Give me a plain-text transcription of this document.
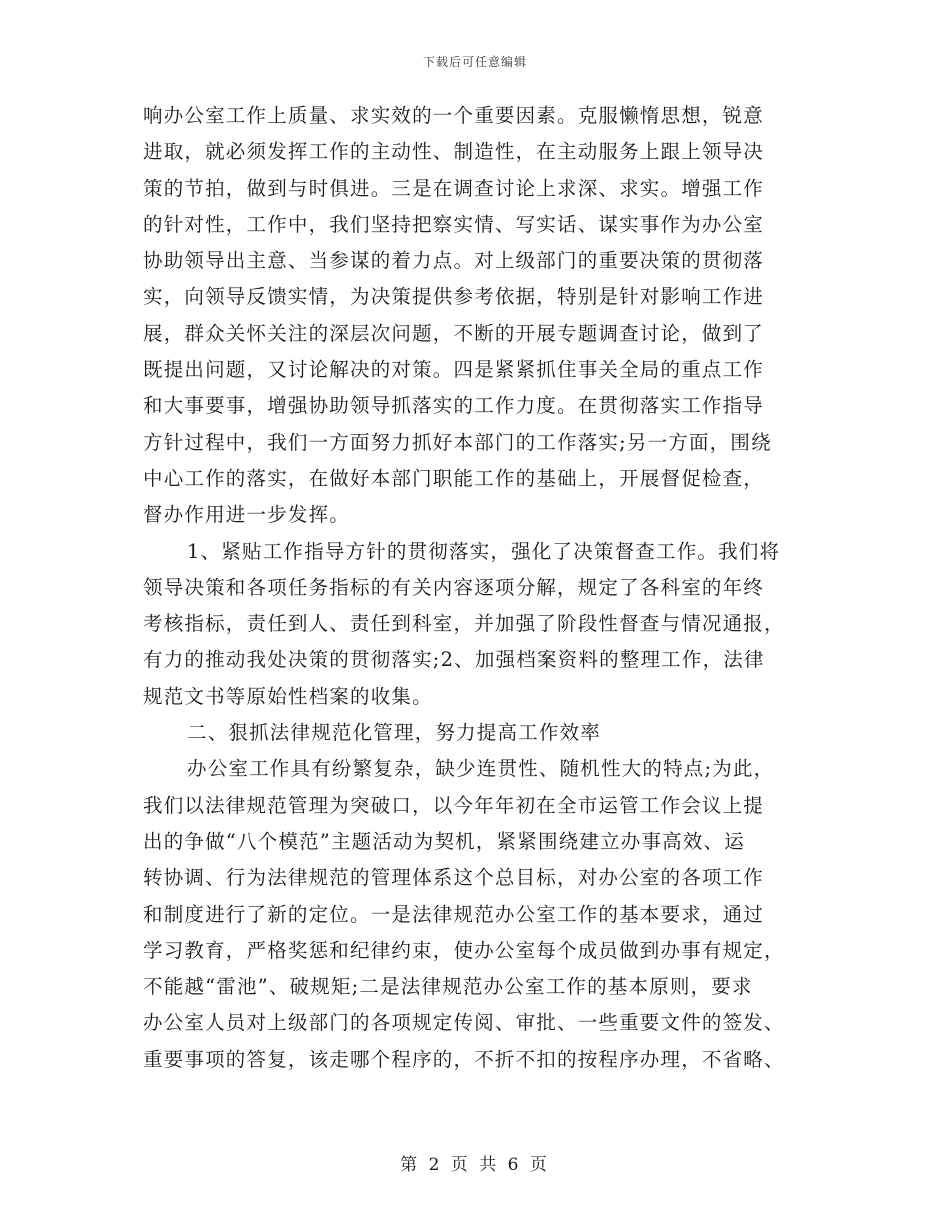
下载后可任意编辑
响办公室工作上质量、求实效的一个重要因素。克服懒惰思想，锐意
进取，就必须发挥工作的主动性、制造性，在主动服务上跟上领导决
策的节拍，做到与时俱进。三是在调查讨论上求深、求实。增强工作
的针对性，工作中，我们坚持把察实情、写实话、谋实事作为办公室
协助领导出主意、当参谋的着力点。对上级部门的重要决策的贯彻落
实，向领导反馈实情，为决策提供参考依据，特别是针对影响工作进
展，群众关怀关注的深层次问题，不断的开展专题调查讨论，做到了
既提出问题，又讨论解决的对策。四是紧紧抓住事关全局的重点工作
和大事要事，增强协助领导抓落实的工作力度。在贯彻落实工作指导
方针过程中，我们一方面努力抓好本部门的工作落实;另一方面，围绕
中心工作的落实，在做好本部门职能工作的基础上，开展督促检查，
督办作用进一步发挥。
1、紧贴工作指导方针的贯彻落实，强化了决策督查工作。我们将
领导决策和各项任务指标的有关内容逐项分解，规定了各科室的年终
考核指标，责任到人、责任到科室，并加强了阶段性督查与情况通报，
有力的推动我处决策的贯彻落实;2、加强档案资料的整理工作，法律
规范文书等原始性档案的收集。
二、狠抓法律规范化管理，努力提高工作效率
办公室工作具有纷繁复杂，缺少连贯性、随机性大的特点;为此，
我们以法律规范管理为突破口，以今年年初在全市运管工作会议上提
出的争做“八个模范”主题活动为契机，紧紧围绕建立办事高效、运
转协调、行为法律规范的管理体系这个总目标，对办公室的各项工作
和制度进行了新的定位。一是法律规范办公室工作的基本要求，通过
学习教育，严格奖惩和纪律约束，使办公室每个成员做到办事有规定，
不能越“雷池”、破规矩;二是法律规范办公室工作的基本原则，要求
办公室人员对上级部门的各项规定传阅、审批、一些重要文件的签发、
重要事项的答复，该走哪个程序的，不折不扣的按程序办理，不省略、
第 2 页 共 6 页
